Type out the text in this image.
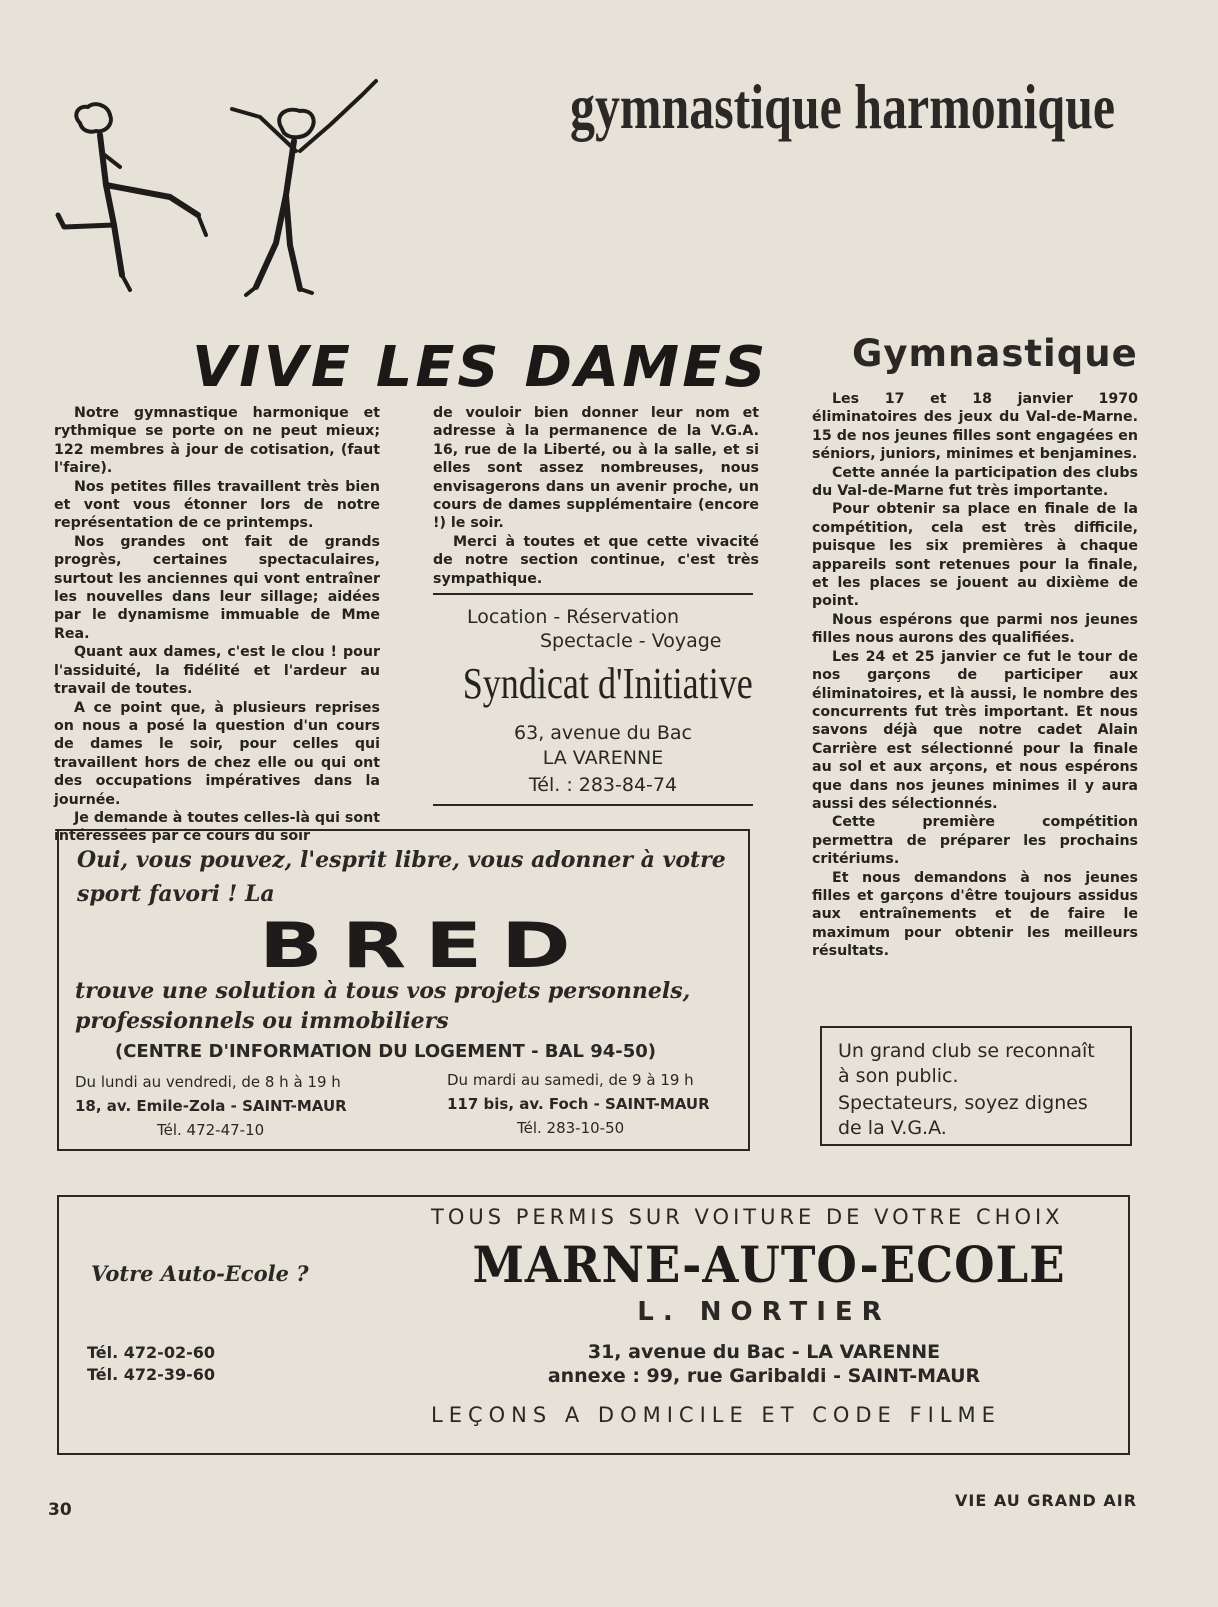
gymnastique harmonique
VIVE LES DAMES

Notre gymnastique harmonique et rythmique se porte on ne peut mieux; 122 membres à jour de cotisation, (faut l'faire).

Nos petites filles travaillent très bien et vont vous étonner lors de notre représentation de ce printemps.

Nos grandes ont fait de grands progrès, certaines spectaculaires, surtout les anciennes qui vont entraîner les nouvelles dans leur sillage; aidées par le dynamisme immuable de Mme Rea.

Quant aux dames, c'est le clou ! pour l'assiduité, la fidélité et l'ardeur au travail de toutes.

A ce point que, à plusieurs reprises on nous a posé la question d'un cours de dames le soir, pour celles qui travaillent hors de chez elle ou qui ont des occupations impératives dans la journée.

Je demande à toutes celles-là qui sont intéressées par ce cours du soir

de vouloir bien donner leur nom et adresse à la permanence de la V.G.A. 16, rue de la Liberté, ou à la salle, et si elles sont assez nombreuses, nous envisagerons dans un avenir proche, un cours de dames supplémentaire (encore !) le soir.

Merci à toutes et que cette vivacité de notre section continue, c'est très sympathique.

Location - Réservation
Spectacle - Voyage
Syndicat d'Initiative
63, avenue du Bac
LA VARENNE
Tél. : 283-84-74
Gymnastique

Les 17 et 18 janvier 1970 éliminatoires des jeux du Val-de-Marne. 15 de nos jeunes filles sont engagées en séniors, juniors, minimes et benjamines.

Cette année la participation des clubs du Val-de-Marne fut très importante.

Pour obtenir sa place en finale de la compétition, cela est très difficile, puisque les six premières à chaque appareils sont retenues pour la finale, et les places se jouent au dixième de point.

Nous espérons que parmi nos jeunes filles nous aurons des qualifiées.

Les 24 et 25 janvier ce fut le tour de nos garçons de participer aux éliminatoires, et là aussi, le nombre des concurrents fut très important. Et nous savons déjà que notre cadet Alain Carrière est sélectionné pour la finale au sol et aux arçons, et nous espérons que dans nos jeunes minimes il y aura aussi des sélectionnés.

Cette première compétition permettra de préparer les prochains critériums.

Et nous demandons à nos jeunes filles et garçons d'être toujours assidus aux entraînements et de faire le maximum pour obtenir les meilleurs résultats.

Oui, vous pouvez, l'esprit libre, vous adonner à votre sport favori ! La
BRED
trouve une solution à tous vos projets personnels, professionnels ou immobiliers
(CENTRE D'INFORMATION DU LOGEMENT - BAL 94-50)
Du lundi au vendredi, de 8 h à 19 h
18, av. Emile-Zola - SAINT-MAUR
Tél. 472-47-10
Du mardi au samedi, de 9 à 19 h
117 bis, av. Foch - SAINT-MAUR
Tél. 283-10-50
Un grand club se reconnaît
à son public.
Spectateurs, soyez dignes
de la V.G.A.
Votre Auto-Ecole ?
Tél. 472-02-60
Tél. 472-39-60
TOUS PERMIS SUR VOITURE DE VOTRE CHOIX
MARNE-AUTO-ECOLE
L. NORTIER
31, avenue du Bac - LA VARENNE
annexe : 99, rue Garibaldi - SAINT-MAUR
LEÇONS A DOMICILE ET CODE FILME
30	VIE AU GRAND AIR
